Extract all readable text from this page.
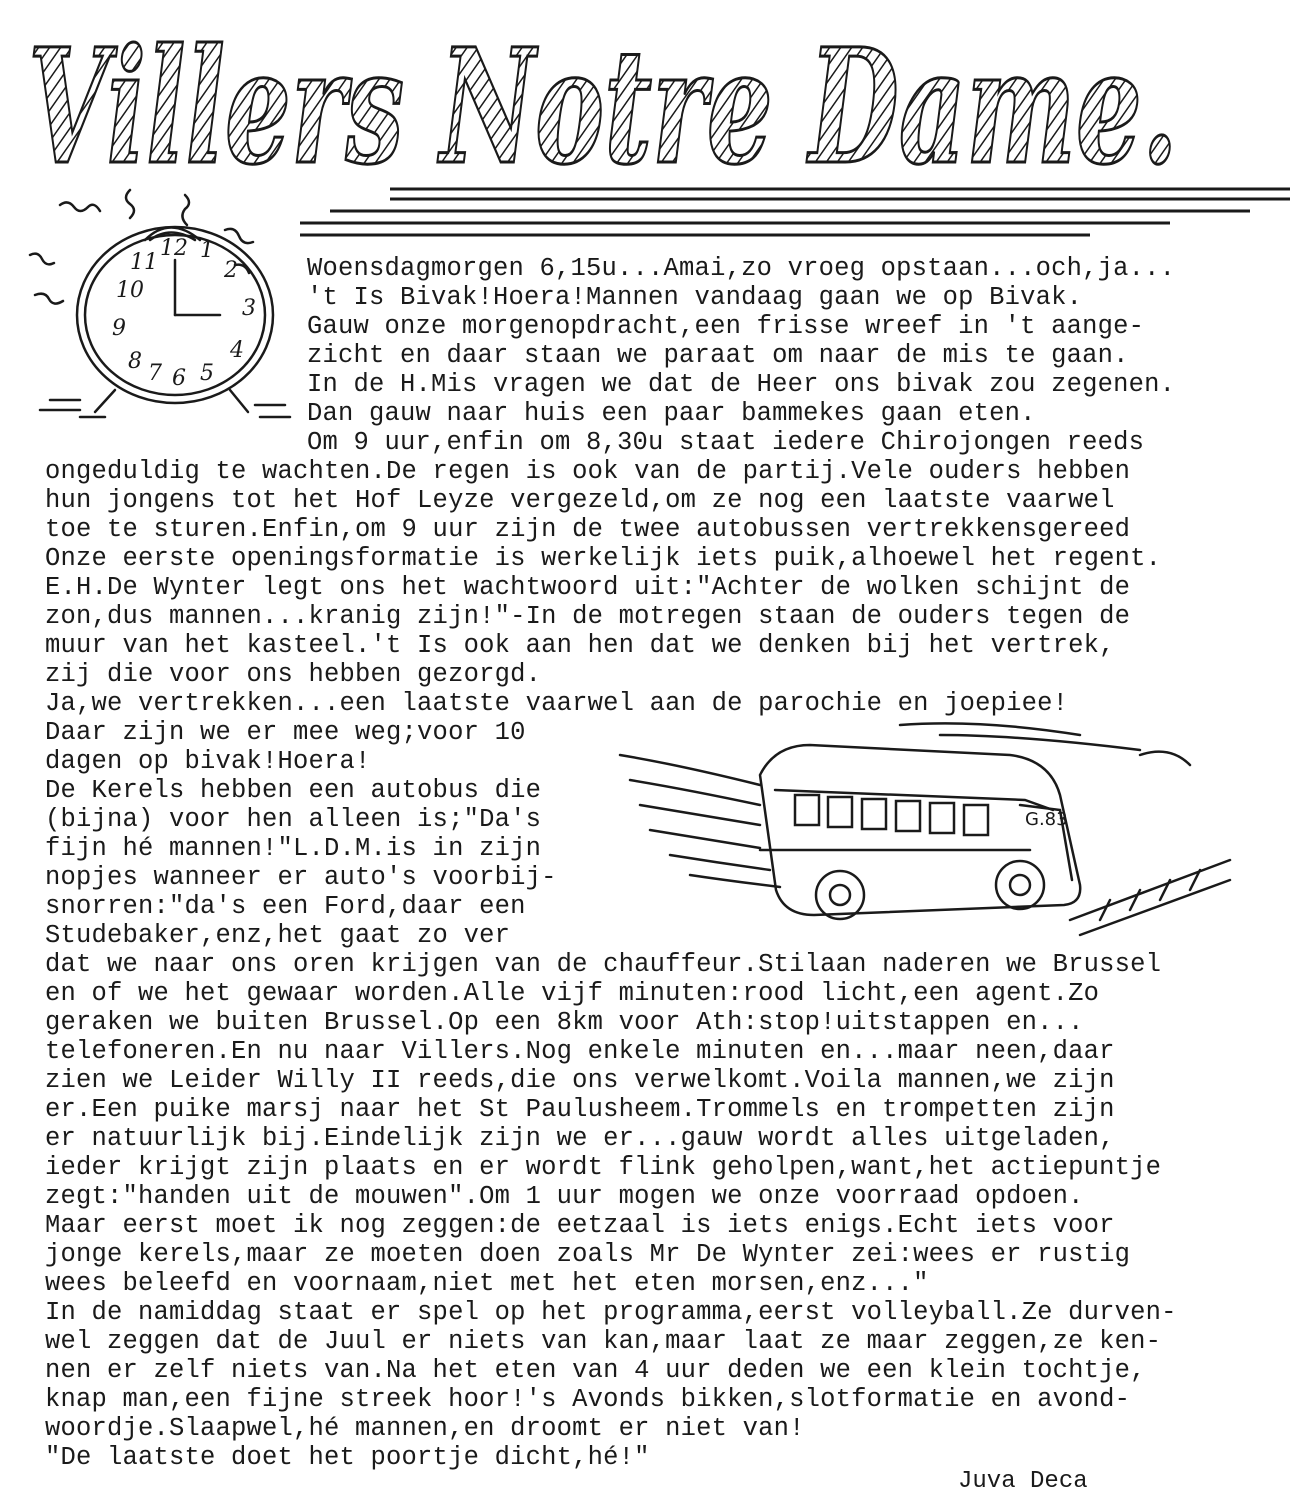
Villers Notre Dame.
12 1
2
3
4
5
6
7
8
9
10
11
G.83
Woensdagmorgen 6,15u...Amai,zo vroeg opstaan...och,ja...
't Is Bivak!Hoera!Mannen vandaag gaan we op Bivak.
Gauw onze morgenopdracht,een frisse wreef in 't aange-
zicht en daar staan we paraat om naar de mis te gaan.
In de H.Mis vragen we dat de Heer ons bivak zou zegenen.
Dan gauw naar huis een paar bammekes gaan eten.
Om 9 uur,enfin om 8,30u staat iedere Chirojongen reeds
ongeduldig te wachten.De regen is ook van de partij.Vele ouders hebben
hun jongens tot het Hof Leyze vergezeld,om ze nog een laatste vaarwel
toe te sturen.Enfin,om 9 uur zijn de twee autobussen vertrekkensgereed
Onze eerste openingsformatie is werkelijk iets puik,alhoewel het regent.
E.H.De Wynter legt ons het wachtwoord uit:"Achter de wolken schijnt de
zon,dus mannen...kranig zijn!"-In de motregen staan de ouders tegen de
muur van het kasteel.'t Is ook aan hen dat we denken bij het vertrek,
zij die voor ons hebben gezorgd.
Ja,we vertrekken...een laatste vaarwel aan de parochie en joepiee!
Daar zijn we er mee weg;voor 10
dagen op bivak!Hoera!
De Kerels hebben een autobus die
(bijna) voor hen alleen is;"Da's
fijn hé mannen!"L.D.M.is in zijn
nopjes wanneer er auto's voorbij-
snorren:"da's een Ford,daar een
Studebaker,enz,het gaat zo ver
dat we naar ons oren krijgen van de chauffeur.Stilaan naderen we Brussel
en of we het gewaar worden.Alle vijf minuten:rood licht,een agent.Zo
geraken we buiten Brussel.Op een 8km voor Ath:stop!uitstappen en...
telefoneren.En nu naar Villers.Nog enkele minuten en...maar neen,daar
zien we Leider Willy II reeds,die ons verwelkomt.Voila mannen,we zijn
er.Een puike marsj naar het St Paulusheem.Trommels en trompetten zijn
er natuurlijk bij.Eindelijk zijn we er...gauw wordt alles uitgeladen,
ieder krijgt zijn plaats en er wordt flink geholpen,want,het actiepuntje
zegt:"handen uit de mouwen".Om 1 uur mogen we onze voorraad opdoen.
Maar eerst moet ik nog zeggen:de eetzaal is iets enigs.Echt iets voor
jonge kerels,maar ze moeten doen zoals Mr De Wynter zei:wees er rustig
wees beleefd en voornaam,niet met het eten morsen,enz..."
In de namiddag staat er spel op het programma,eerst volleyball.Ze durven-
wel zeggen dat de Juul er niets van kan,maar laat ze maar zeggen,ze ken-
nen er zelf niets van.Na het eten van 4 uur deden we een klein tochtje,
knap man,een fijne streek hoor!'s Avonds bikken,slotformatie en avond-
woordje.Slaapwel,hé mannen,en droomt er niet van!
"De laatste doet het poortje dicht,hé!"
Juva Deca
